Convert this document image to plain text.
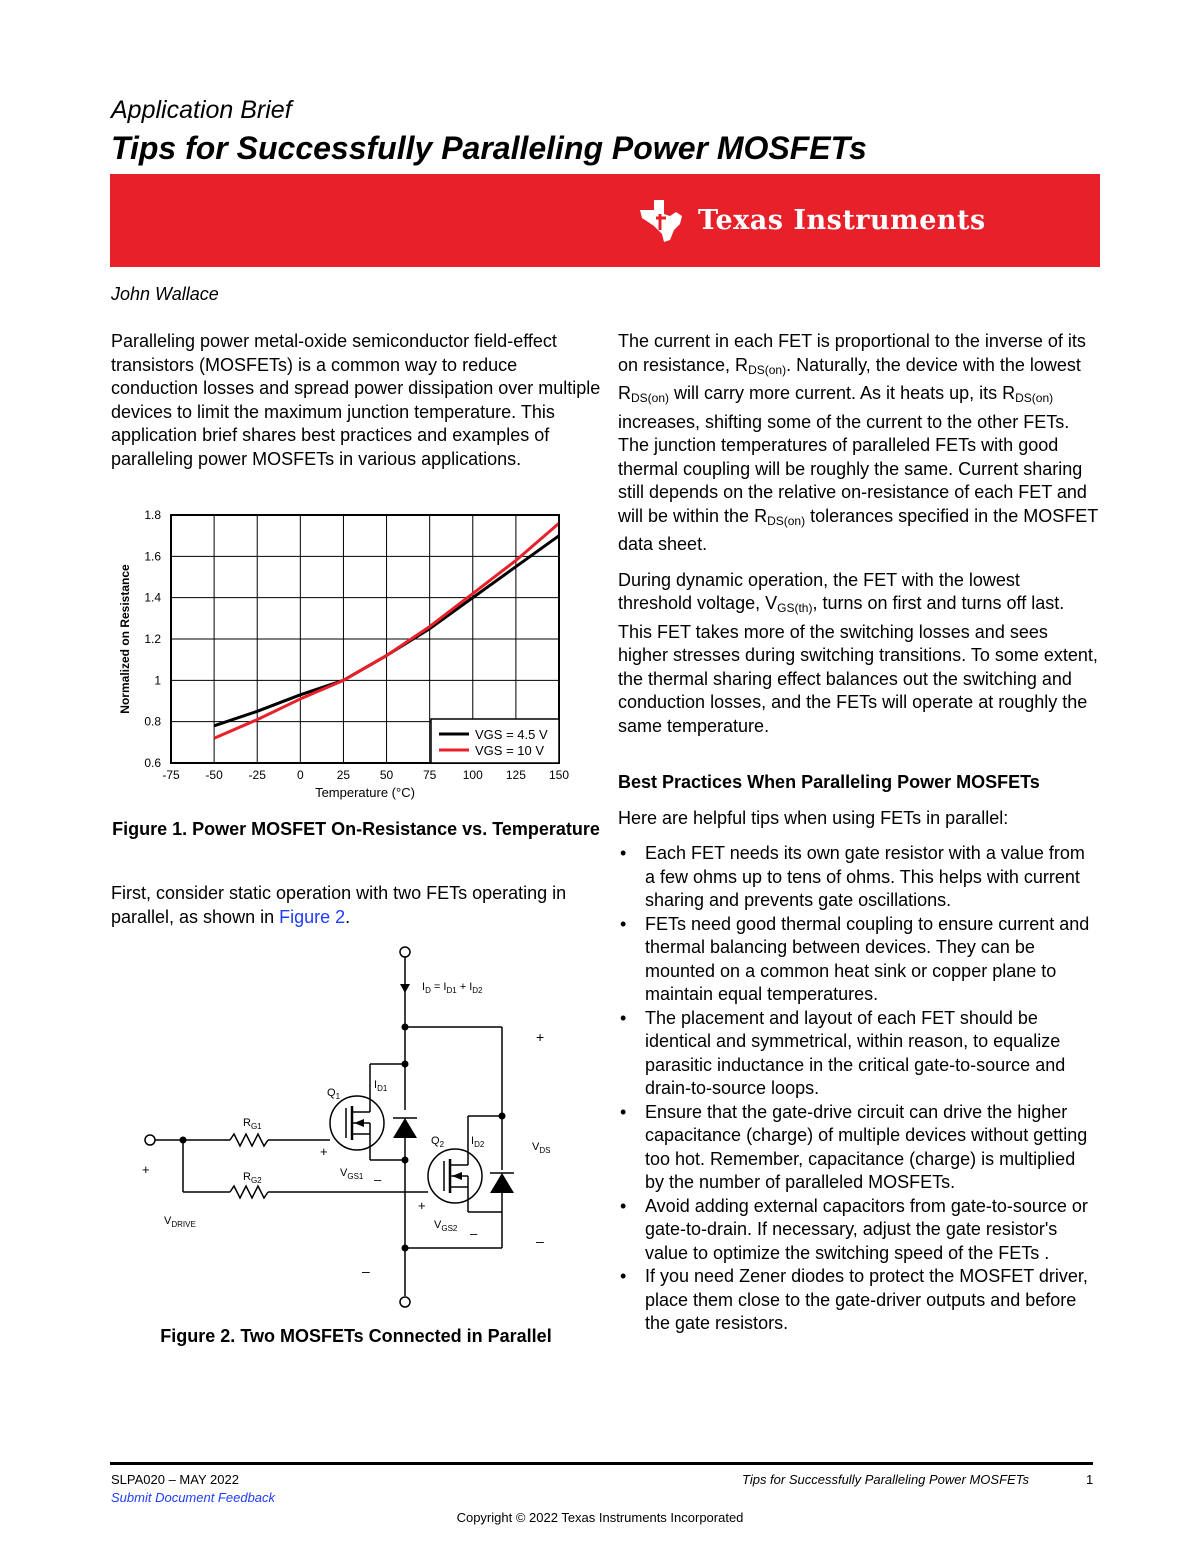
Application Brief
Tips for Successfully Paralleling Power MOSFETs
Texas Instruments
John Wallace
Paralleling power metal-oxide semiconductor field-effect transistors (MOSFETs) is a common way to reduce conduction losses and spread power dissipation over multiple devices to limit the maximum junction temperature. This application brief shares best practices and examples of paralleling power MOSFETs in various applications.
-75 -50 -25	0	25 50 75 100 125 150
0.6
0.8
1
1.2
1.4
1.6
1.8
VGS = 4.5 V
VGS = 10 V
Temperature (°C)
Normalized on Resistance
Figure 1. Power MOSFET On-Resistance vs. Temperature
First, consider static operation with two FETs operating in parallel, as shown in Figure 2.
$I_D = I_{D1} + I_{D2}$
+
$Q_1$
$I_{D1}$
$Q_2$ $I_{D2}$
$R_{G1}$
$R_{G2}$
+
$V_{GS1}$ –
+
$V_{GS2}$ –
$V_{DS}$
–
+
$V_{DRIVE}$
–
Figure 2. Two MOSFETs Connected in Parallel

The current in each FET is proportional to the inverse of its on resistance, $R_{DS(on)}$. Naturally, the device with the lowest $R_{DS(on)}$ will carry more current. As it heats up, its $R_{DS(on)}$ increases, shifting some of the current to the other FETs. The junction temperatures of paralleled FETs with good thermal coupling will be roughly the same. Current sharing still depends on the relative on-resistance of each FET and will be within the $R_{DS(on)}$ tolerances specified in the MOSFET data sheet.

During dynamic operation, the FET with the lowest threshold voltage, $V_{GS(th)}$, turns on first and turns off last. This FET takes more of the switching losses and sees higher stresses during switching transitions. To some extent, the thermal sharing effect balances out the switching and conduction losses, and the FETs will operate at roughly the same temperature.

Best Practices When Paralleling Power MOSFETs
Here are helpful tips when using FETs in parallel:
• Each FET needs its own gate resistor with a value from a few ohms up to tens of ohms. This helps with current sharing and prevents gate oscillations.
• FETs need good thermal coupling to ensure current and thermal balancing between devices. They can be mounted on a common heat sink or copper plane to maintain equal temperatures.
• The placement and layout of each FET should be identical and symmetrical, within reason, to equalize parasitic inductance in the critical gate-to-source and drain-to-source loops.
• Ensure that the gate-drive circuit can drive the higher capacitance (charge) of multiple devices without getting too hot. Remember, capacitance (charge) is multiplied by the number of paralleled MOSFETs.
• Avoid adding external capacitors from gate-to-source or gate-to-drain. If necessary, adjust the gate resistor's value to optimize the switching speed of the FETs .
• If you need Zener diodes to protect the MOSFET driver, place them close to the gate-driver outputs and before the gate resistors.
SLPA020 – MAY 2022
Submit Document Feedback
Tips for Successfully Paralleling Power MOSFETs	1
Copyright © 2022 Texas Instruments Incorporated
